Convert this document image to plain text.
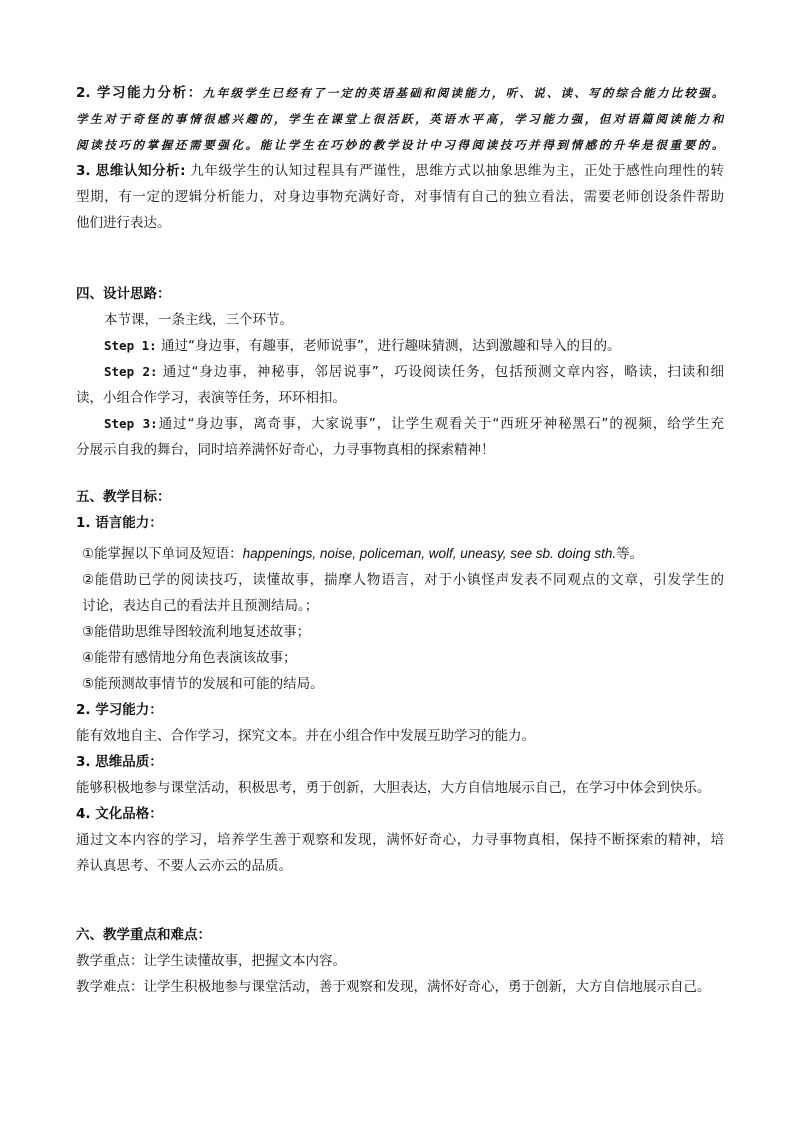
2. 学习能力分析：九年级学生已经有了一定的英语基础和阅读能力，听、说、读、写的综合能力比较强。
学生对于奇怪的事情很感兴趣的，学生在课堂上很活跃，英语水平高，学习能力强，但对语篇阅读能力和
阅读技巧的掌握还需要强化。能让学生在巧妙的教学设计中习得阅读技巧并得到情感的升华是很重要的。
3. 思维认知分析: 九年级学生的认知过程具有严谨性，思维方式以抽象思维为主，正处于感性向理性的转
型期，有一定的逻辑分析能力，对身边事物充满好奇，对事情有自己的独立看法，需要老师创设条件帮助
他们进行表达。
四、设计思路：
本节课，一条主线，三个环节。
Step 1: 通过“身边事，有趣事，老师说事”，进行趣味猜测，达到激趣和导入的目的。
Step 2: 通过“身边事，神秘事，邻居说事”，巧设阅读任务，包括预测文章内容，略读，扫读和细
读，小组合作学习，表演等任务，环环相扣。
Step 3:通过“身边事，离奇事，大家说事”，让学生观看关于“西班牙神秘黑石”的视频，给学生充
分展示自我的舞台，同时培养满怀好奇心，力寻事物真相的探索精神！
五、教学目标：
1. 语言能力：
①能掌握以下单词及短语：happenings, noise, policeman, wolf, uneasy, see sb. doing sth.等。
②能借助已学的阅读技巧，读懂故事，揣摩人物语言，对于小镇怪声发表不同观点的文章，引发学生的
讨论，表达自己的看法并且预测结局。；
③能借助思维导图较流利地复述故事；
④能带有感情地分角色表演该故事；
⑤能预测故事情节的发展和可能的结局。
2. 学习能力：
能有效地自主、合作学习，探究文本。并在小组合作中发展互助学习的能力。
3. 思维品质：
能够积极地参与课堂活动，积极思考，勇于创新，大胆表达，大方自信地展示自己，在学习中体会到快乐。
4. 文化品格：
通过文本内容的学习，培养学生善于观察和发现，满怀好奇心，力寻事物真相，保持不断探索的精神，培
养认真思考、不要人云亦云的品质。
六、教学重点和难点：
教学重点：让学生读懂故事，把握文本内容。
教学难点：让学生积极地参与课堂活动，善于观察和发现，满怀好奇心，勇于创新，大方自信地展示自己。
